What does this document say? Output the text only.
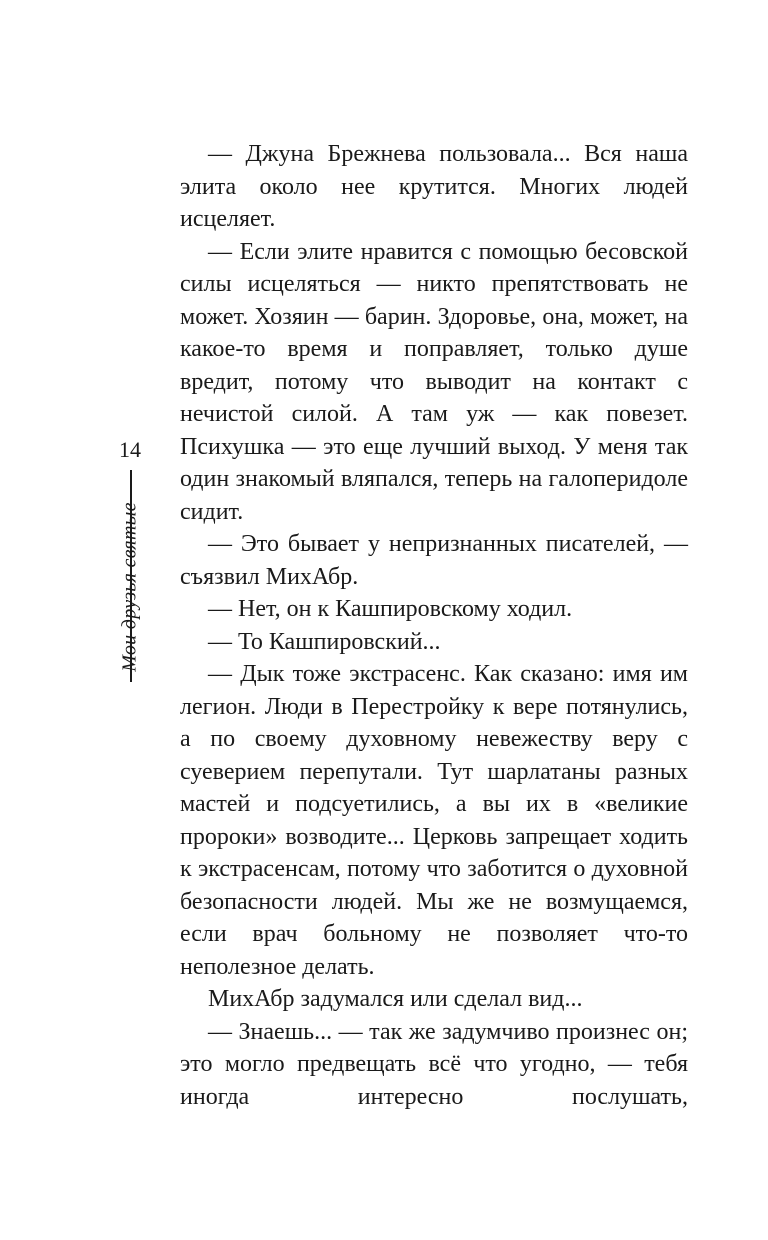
14
Мои друзья святые

— Джуна Брежнева пользовала... Вся наша элита около нее крутится. Многих людей исцеляет.

— Если элите нравится с помощью бесовской силы исцеляться — никто препятствовать не может. Хозяин — барин. Здоровье, она, может, на какое-то время и поправляет, только душе вредит, потому что выводит на контакт с нечистой силой. А там уж — как повезет. Психушка — это еще лучший выход. У меня так один знакомый вляпался, теперь на галоперидоле сидит.

— Это бывает у непризнанных писателей, — съязвил МихАбр.

— Нет, он к Кашпировскому ходил.

— То Кашпировский...

— Дык тоже экстрасенс. Как сказано: имя им легион. Люди в Перестройку к вере потянулись, а по своему духовному невежеству веру с суеверием перепутали. Тут шарлатаны разных мастей и подсуетились, а вы их в «великие пророки» возводите... Церковь запрещает ходить к экстрасенсам, потому что заботится о духовной безопасности людей. Мы же не возмущаемся, если врач больному не позволяет что-то неполезное делать.

МихАбр задумался или сделал вид...

— Знаешь... — так же задумчиво произнес он; это могло предвещать всё что угодно, — тебя иногда интересно послушать,
